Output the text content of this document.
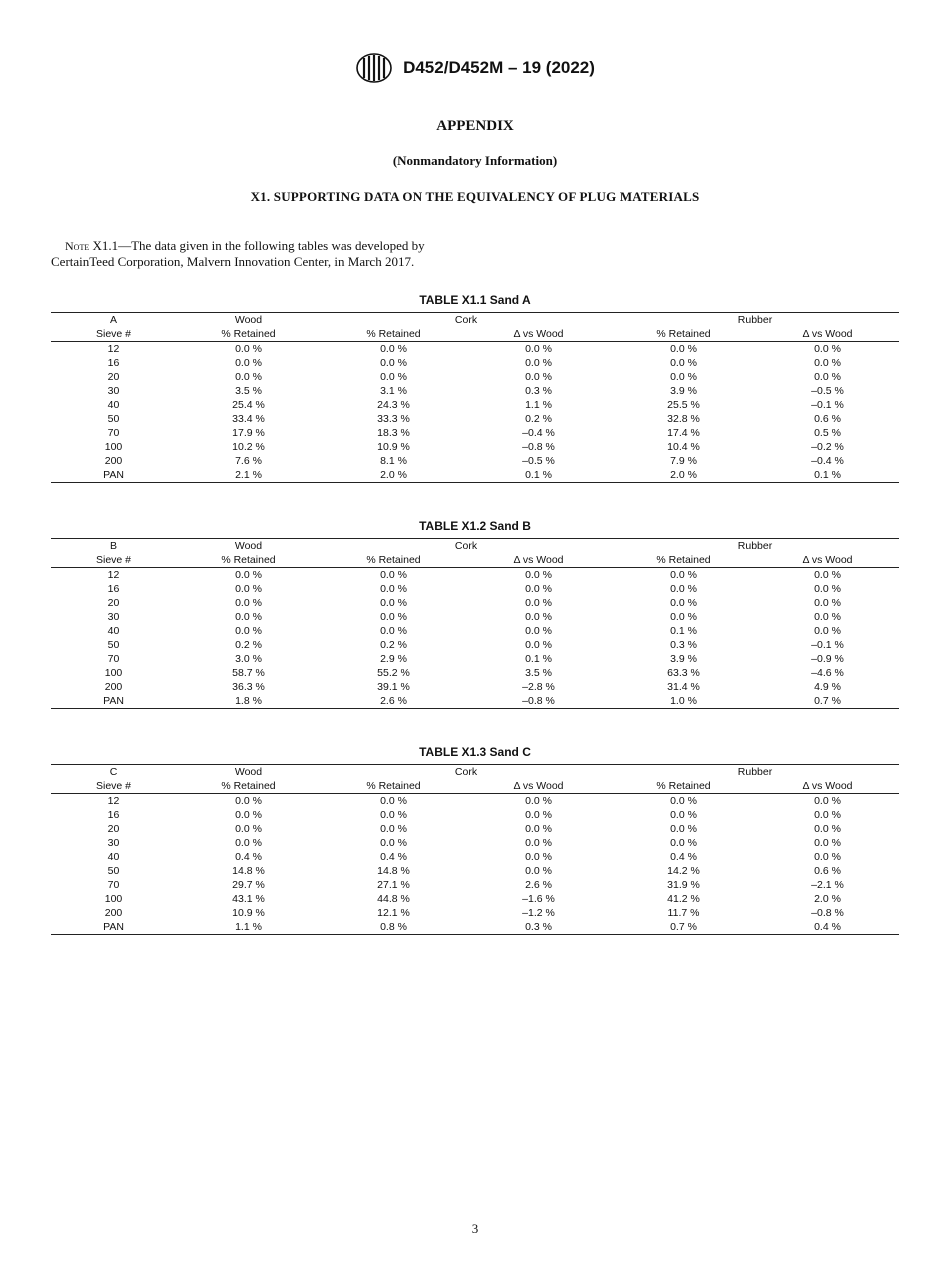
D452/D452M – 19 (2022)
APPENDIX
(Nonmandatory Information)
X1. SUPPORTING DATA ON THE EQUIVALENCY OF PLUG MATERIALS
Note X1.1—The data given in the following tables was developed by
CertainTeed Corporation, Malvern Innovation Center, in March 2017.
TABLE X1.1 Sand A
A	Wood	Cork		Rubber	
Sieve #	% Retained	% Retained	Δ vs Wood	% Retained	Δ vs Wood
12	0.0 %	0.0 %	0.0 %	0.0 %	0.0 %
16	0.0 %	0.0 %	0.0 %	0.0 %	0.0 %
20	0.0 %	0.0 %	0.0 %	0.0 %	0.0 %
30	3.5 %	3.1 %	0.3 %	3.9 %	–0.5 %
40	25.4 %	24.3 %	1.1 %	25.5 %	–0.1 %
50	33.4 %	33.3 %	0.2 %	32.8 %	0.6 %
70	17.9 %	18.3 %	–0.4 %	17.4 %	0.5 %
100	10.2 %	10.9 %	–0.8 %	10.4 %	–0.2 %
200	7.6 %	8.1 %	–0.5 %	7.9 %	–0.4 %
PAN	2.1 %	2.0 %	0.1 %	2.0 %	0.1 %
TABLE X1.2 Sand B
B	Wood	Cork		Rubber	
Sieve #	% Retained	% Retained	Δ vs Wood	% Retained	Δ vs Wood
12	0.0 %	0.0 %	0.0 %	0.0 %	0.0 %
16	0.0 %	0.0 %	0.0 %	0.0 %	0.0 %
20	0.0 %	0.0 %	0.0 %	0.0 %	0.0 %
30	0.0 %	0.0 %	0.0 %	0.0 %	0.0 %
40	0.0 %	0.0 %	0.0 %	0.1 %	0.0 %
50	0.2 %	0.2 %	0.0 %	0.3 %	–0.1 %
70	3.0 %	2.9 %	0.1 %	3.9 %	–0.9 %
100	58.7 %	55.2 %	3.5 %	63.3 %	–4.6 %
200	36.3 %	39.1 %	–2.8 %	31.4 %	4.9 %
PAN	1.8 %	2.6 %	–0.8 %	1.0 %	0.7 %
TABLE X1.3 Sand C
C	Wood	Cork		Rubber	
Sieve #	% Retained	% Retained	Δ vs Wood	% Retained	Δ vs Wood
12	0.0 %	0.0 %	0.0 %	0.0 %	0.0 %
16	0.0 %	0.0 %	0.0 %	0.0 %	0.0 %
20	0.0 %	0.0 %	0.0 %	0.0 %	0.0 %
30	0.0 %	0.0 %	0.0 %	0.0 %	0.0 %
40	0.4 %	0.4 %	0.0 %	0.4 %	0.0 %
50	14.8 %	14.8 %	0.0 %	14.2 %	0.6 %
70	29.7 %	27.1 %	2.6 %	31.9 %	–2.1 %
100	43.1 %	44.8 %	–1.6 %	41.2 %	2.0 %
200	10.9 %	12.1 %	–1.2 %	11.7 %	–0.8 %
PAN	1.1 %	0.8 %	0.3 %	0.7 %	0.4 %
3
